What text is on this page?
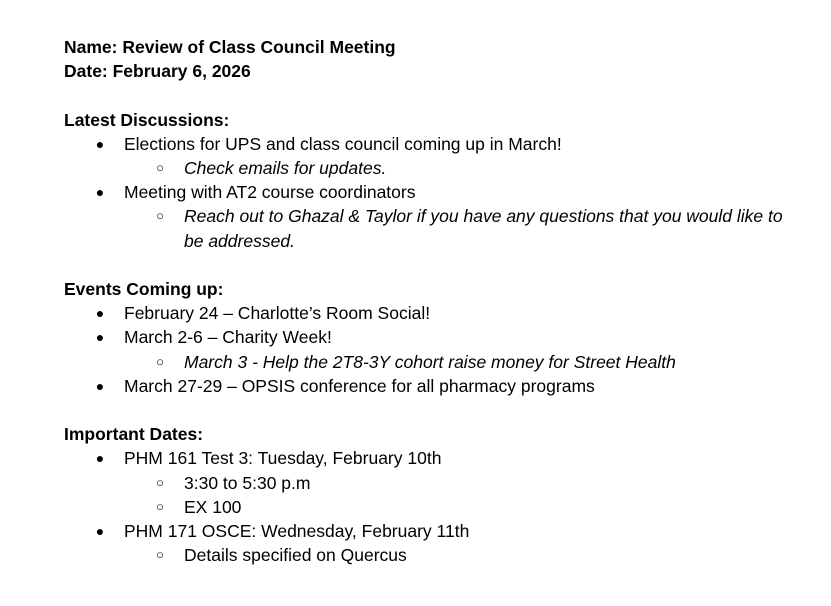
Name: Review of Class Council Meeting
Date: February 6, 2026
Latest Discussions:
●	Elections for UPS and class council coming up in March!
○	Check emails for updates.
●	Meeting with AT2 course coordinators
○	Reach out to Ghazal & Taylor if you have any questions that you would like to be addressed.
Events Coming up:
●	February 24 – Charlotte’s Room Social!
●	March 2-6 – Charity Week!
○	March 3 - Help the 2T8-3Y cohort raise money for Street Health
●	March 27-29 – OPSIS conference for all pharmacy programs
Important Dates:
●	PHM 161 Test 3: Tuesday, February 10th
○	3:30 to 5:30 p.m
○	EX 100
●	PHM 171 OSCE: Wednesday, February 11th
○	Details specified on Quercus
